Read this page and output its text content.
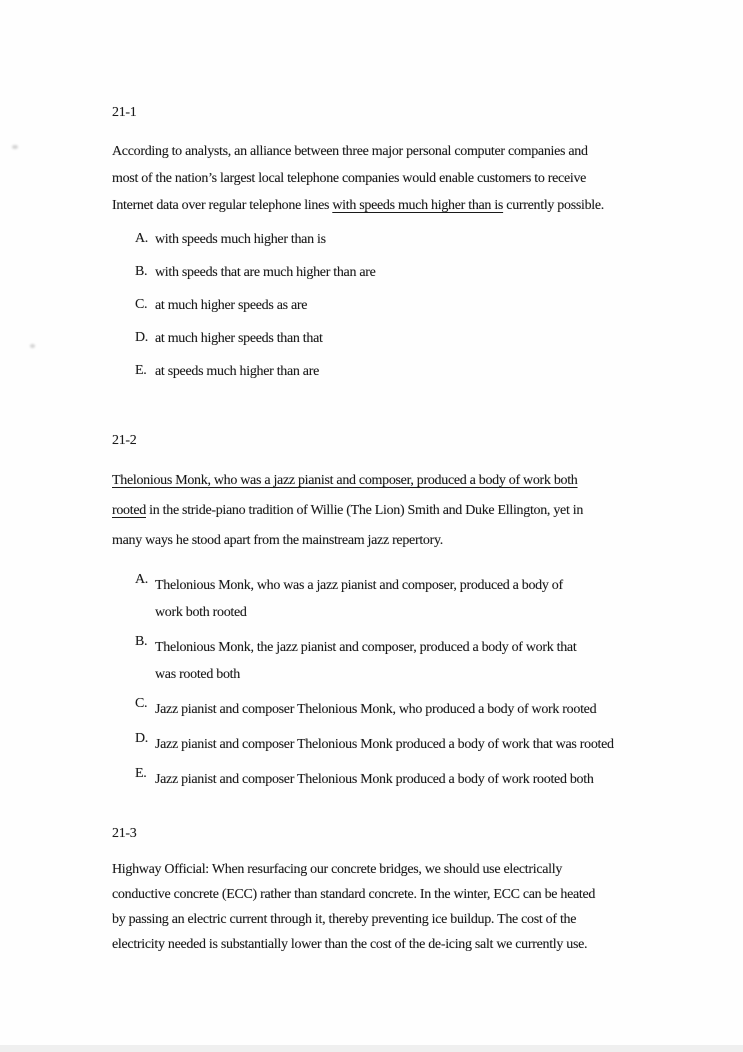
21-1
According to analysts, an alliance between three major personal computer companies and
most of the nation’s largest local telephone companies would enable customers to receive
Internet data over regular telephone lines with speeds much higher than is currently possible.
A. with speeds much higher than is
B. with speeds that are much higher than are
C. at much higher speeds as are
D. at much higher speeds than that
E. at speeds much higher than are
21-2
Thelonious Monk, who was a jazz pianist and composer, produced a body of work both
rooted in the stride-piano tradition of Willie (The Lion) Smith and Duke Ellington, yet in
many ways he stood apart from the mainstream jazz repertory.
A. Thelonious Monk, who was a jazz pianist and composer, produced a body of
work both rooted
B. Thelonious Monk, the jazz pianist and composer, produced a body of work that
was rooted both
C. Jazz pianist and composer Thelonious Monk, who produced a body of work rooted
D. Jazz pianist and composer Thelonious Monk produced a body of work that was rooted
E. Jazz pianist and composer Thelonious Monk produced a body of work rooted both
21-3
Highway Official: When resurfacing our concrete bridges, we should use electrically
conductive concrete (ECC) rather than standard concrete. In the winter, ECC can be heated
by passing an electric current through it, thereby preventing ice buildup. The cost of the
electricity needed is substantially lower than the cost of the de-icing salt we currently use.
